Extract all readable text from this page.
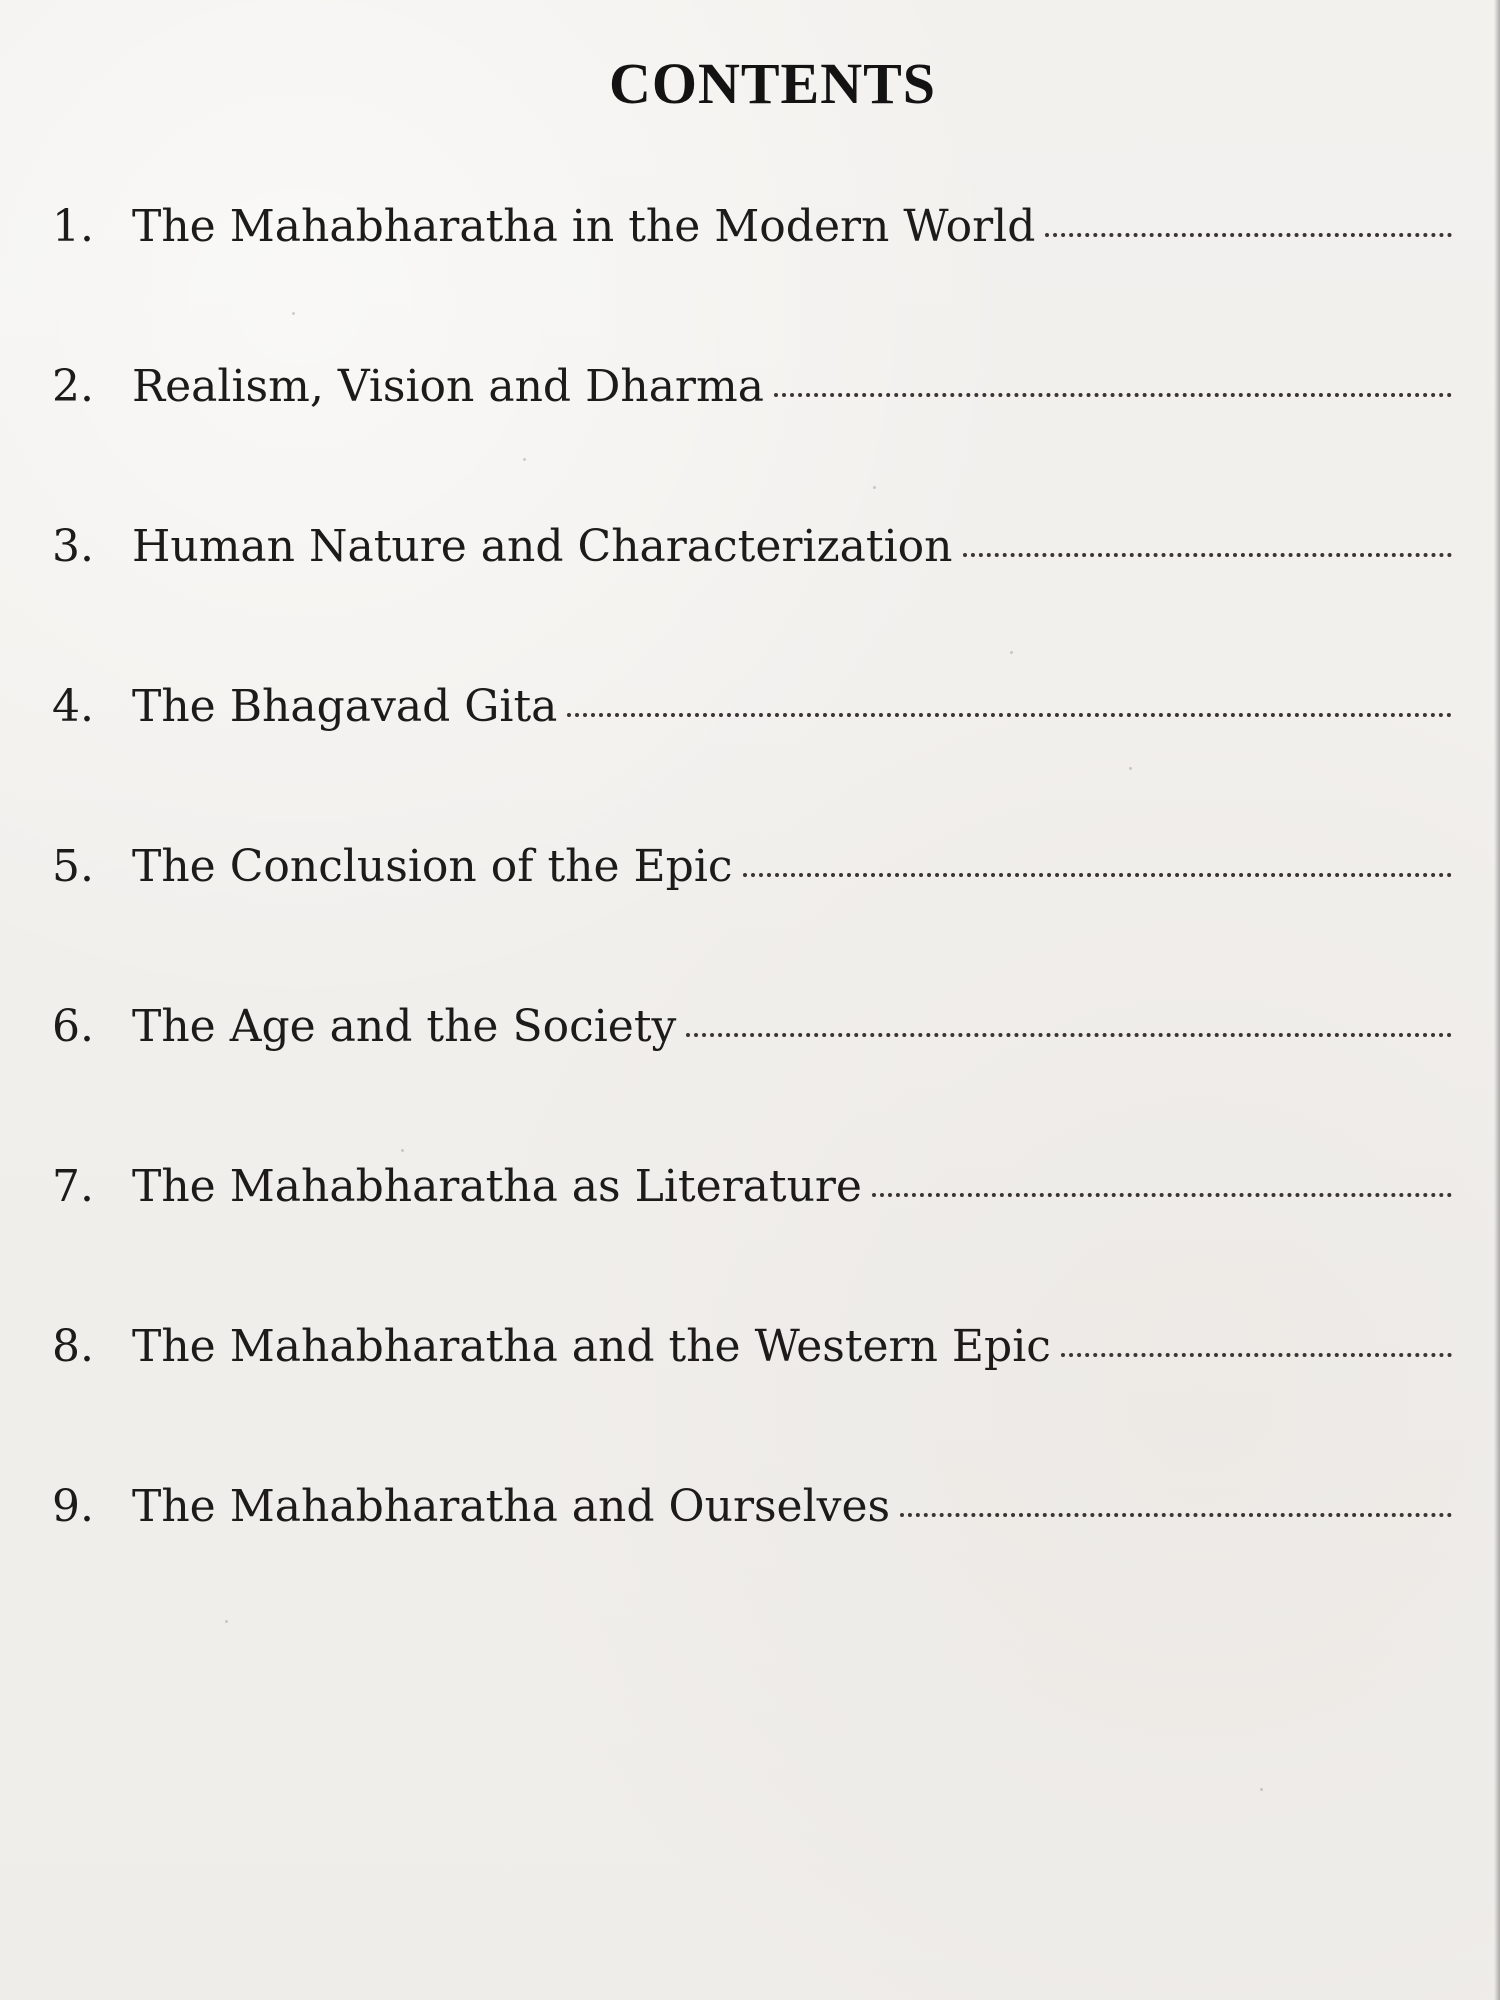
CONTENTS
1. The Mahabharatha in the Modern World
2. Realism, Vision and Dharma
3. Human Nature and Characterization
4. The Bhagavad Gita
5. The Conclusion of the Epic
6. The Age and the Society
7. The Mahabharatha as Literature
8. The Mahabharatha and the Western Epic
9. The Mahabharatha and Ourselves
